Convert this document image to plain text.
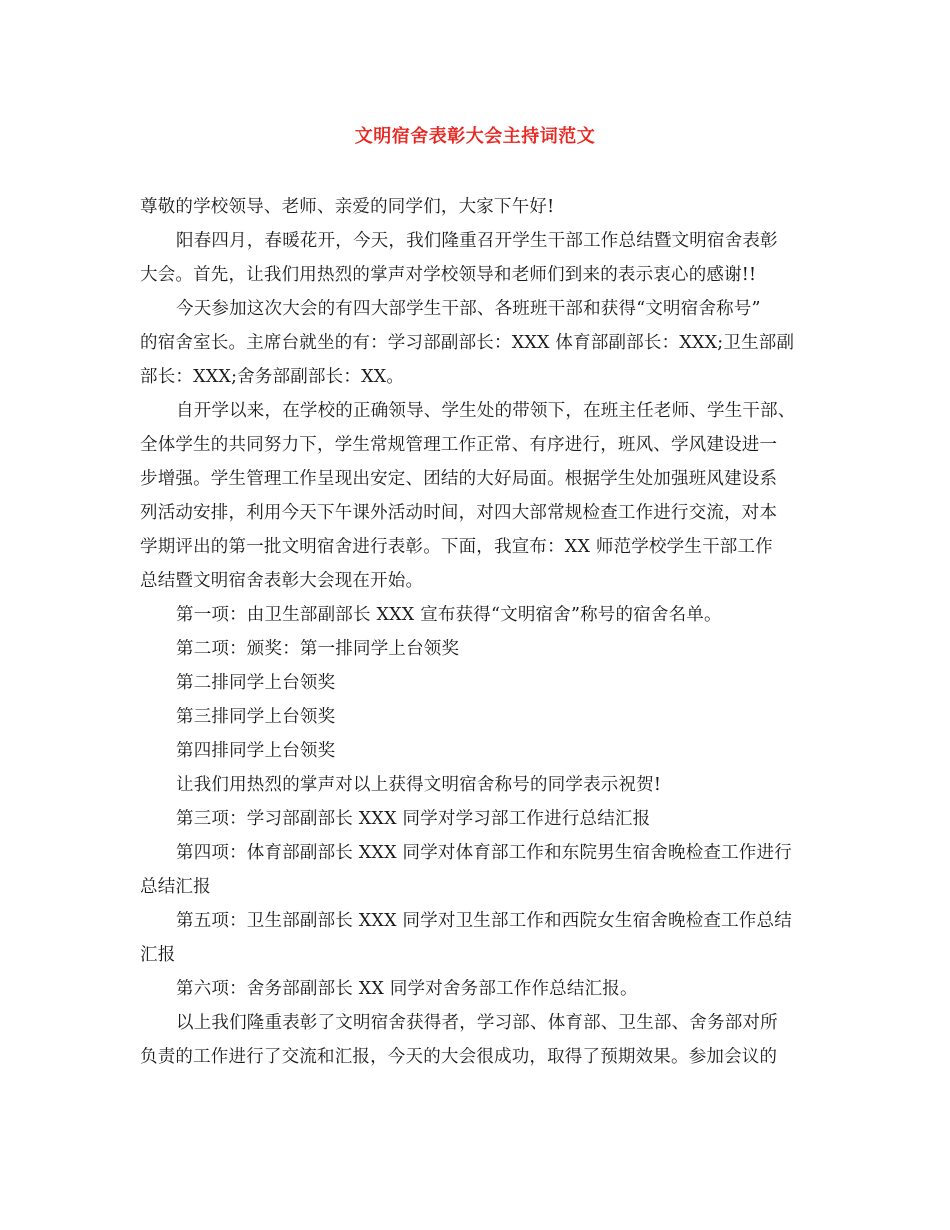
文明宿舍表彰大会主持词范文
尊敬的学校领导、老师、亲爱的同学们，大家下午好!
阳春四月，春暖花开，今天，我们隆重召开学生干部工作总结暨文明宿舍表彰
大会。首先，让我们用热烈的掌声对学校领导和老师们到来的表示衷心的感谢!!
今天参加这次大会的有四大部学生干部、各班班干部和获得“文明宿舍称号”
的宿舍室长。主席台就坐的有：学习部副部长：XXX 体育部副部长：XXX;卫生部副
部长：XXX;舍务部副部长：XX。
自开学以来，在学校的正确领导、学生处的带领下，在班主任老师、学生干部、
全体学生的共同努力下，学生常规管理工作正常、有序进行，班风、学风建设进一
步增强。学生管理工作呈现出安定、团结的大好局面。根据学生处加强班风建设系
列活动安排，利用今天下午课外活动时间，对四大部常规检查工作进行交流，对本
学期评出的第一批文明宿舍进行表彰。下面，我宣布：XX 师范学校学生干部工作
总结暨文明宿舍表彰大会现在开始。
第一项：由卫生部副部长 XXX 宣布获得“文明宿舍”称号的宿舍名单。
第二项：颁奖：第一排同学上台领奖
第二排同学上台领奖
第三排同学上台领奖
第四排同学上台领奖
让我们用热烈的掌声对以上获得文明宿舍称号的同学表示祝贺!
第三项：学习部副部长 XXX 同学对学习部工作进行总结汇报
第四项：体育部副部长 XXX 同学对体育部工作和东院男生宿舍晚检查工作进行
总结汇报
第五项：卫生部副部长 XXX 同学对卫生部工作和西院女生宿舍晚检查工作总结
汇报
第六项：舍务部副部长 XX 同学对舍务部工作作总结汇报。
以上我们隆重表彰了文明宿舍获得者，学习部、体育部、卫生部、舍务部对所
负责的工作进行了交流和汇报，今天的大会很成功，取得了预期效果。参加会议的
